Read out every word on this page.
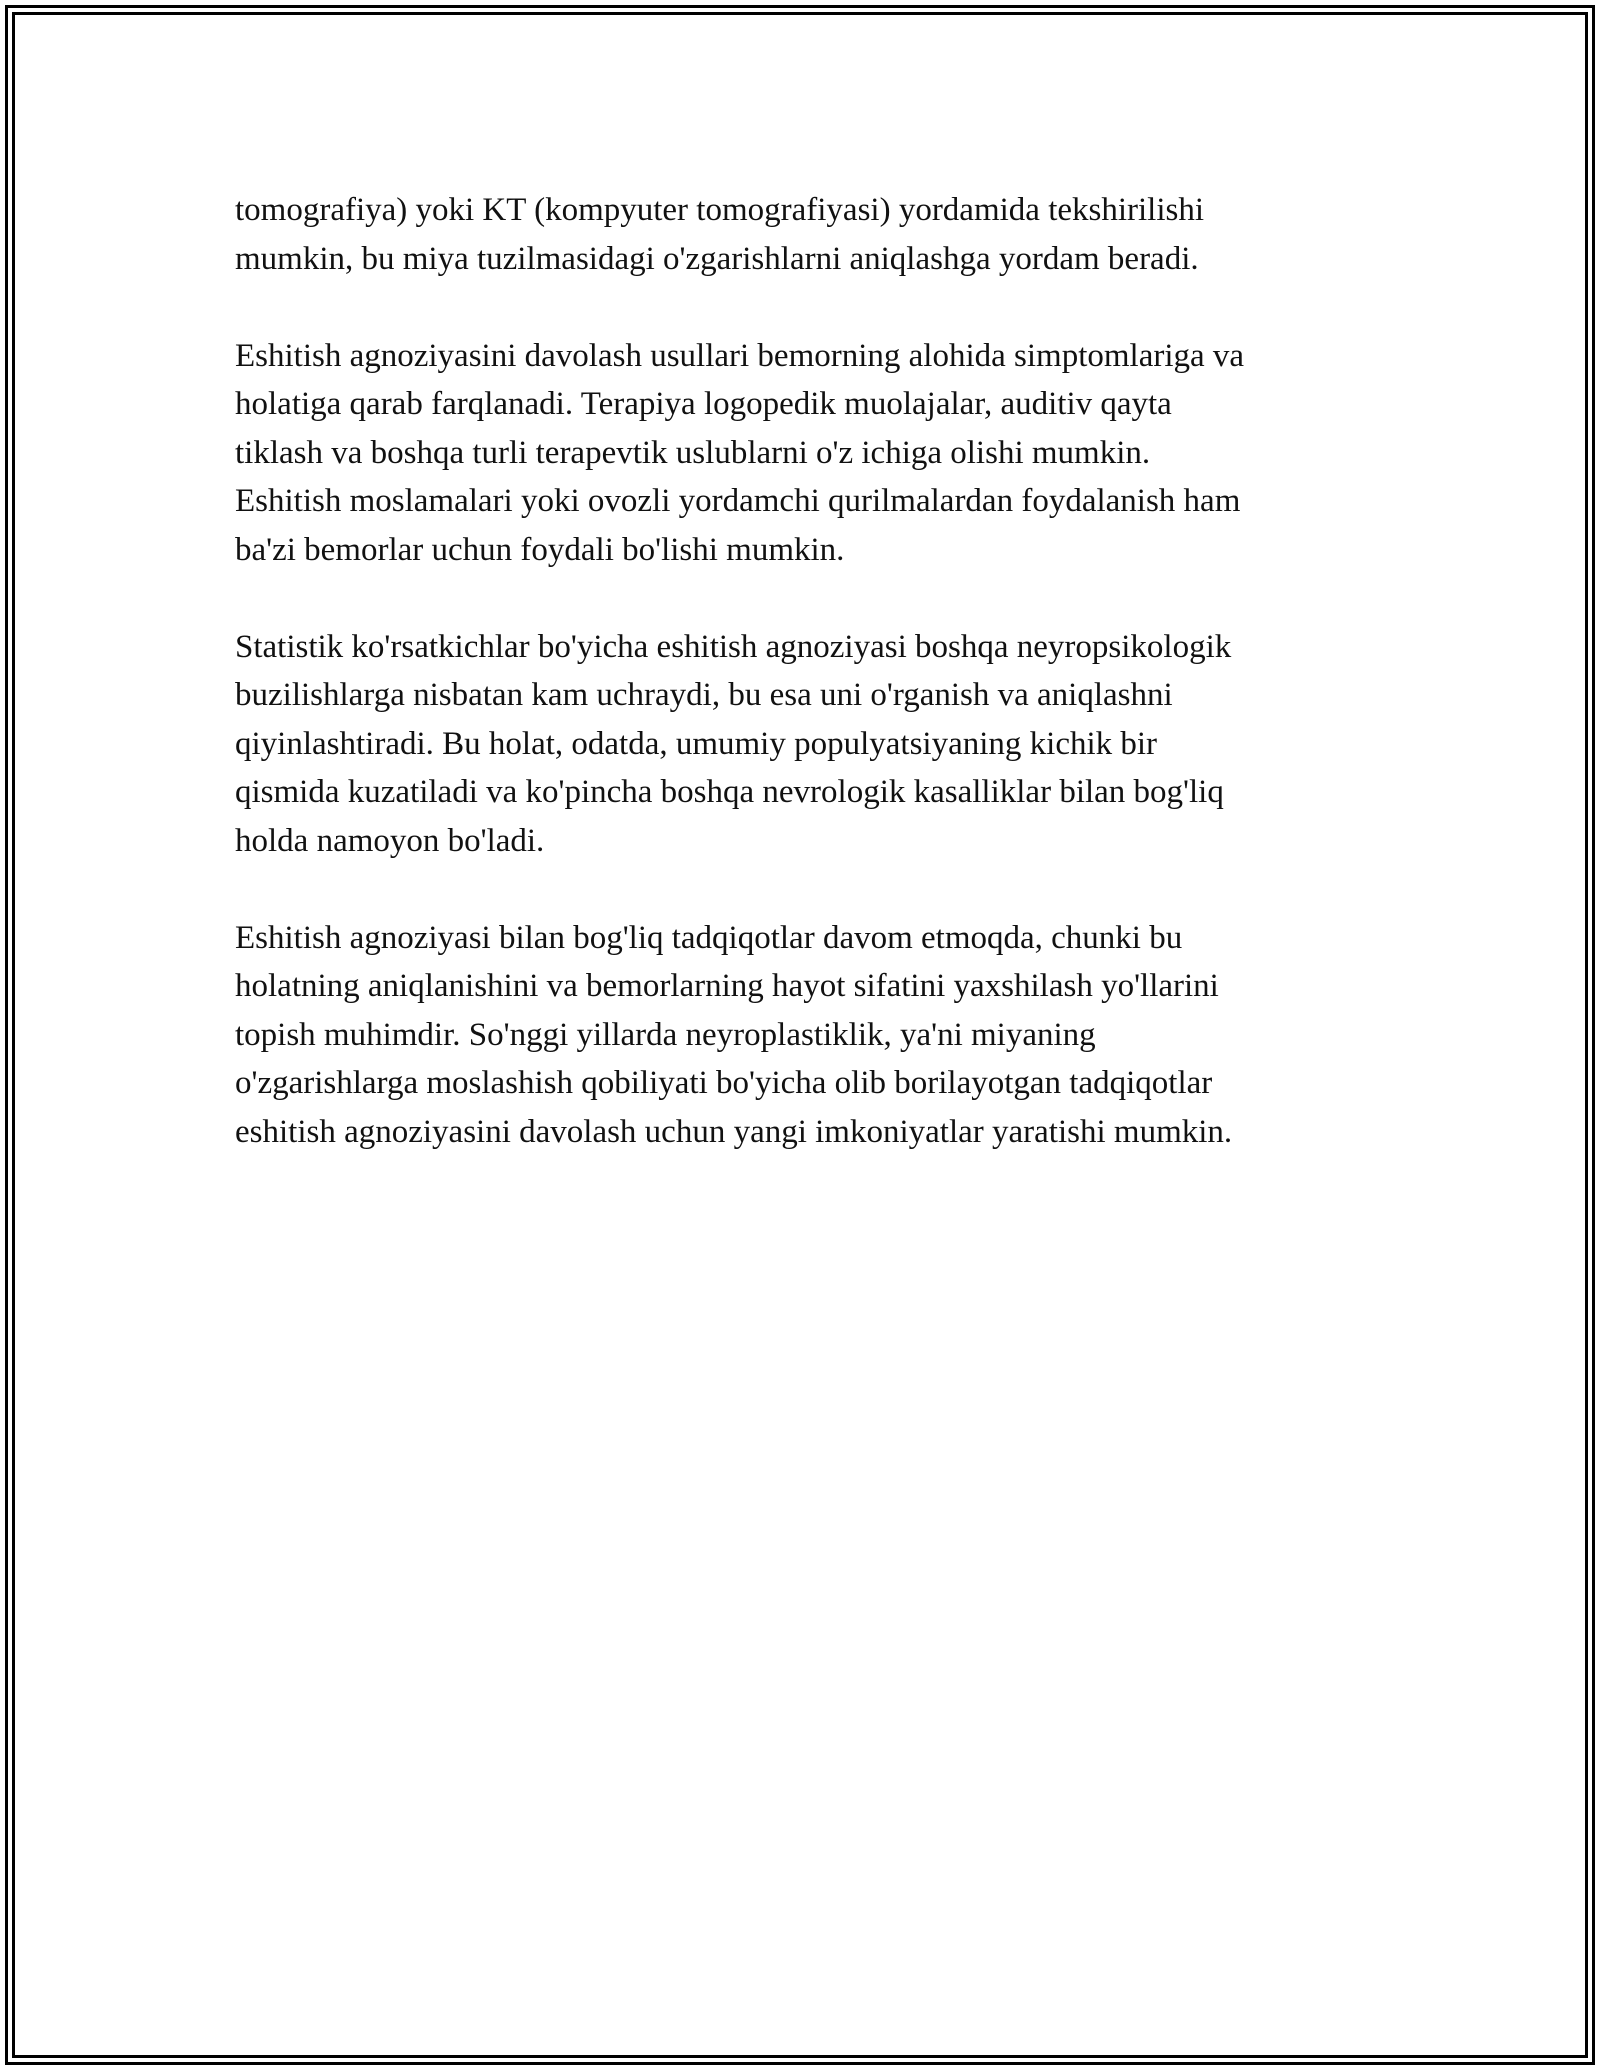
tomografiya) yoki KT (kompyuter tomografiyasi) yordamida tekshirilishi
mumkin, bu miya tuzilmasidagi o'zgarishlarni aniqlashga yordam beradi.

Eshitish agnoziyasini davolash usullari bemorning alohida simptomlariga va
holatiga qarab farqlanadi. Terapiya logopedik muolajalar, auditiv qayta
tiklash va boshqa turli terapevtik uslublarni o'z ichiga olishi mumkin.
Eshitish moslamalari yoki ovozli yordamchi qurilmalardan foydalanish ham
ba'zi bemorlar uchun foydali bo'lishi mumkin.

Statistik ko'rsatkichlar bo'yicha eshitish agnoziyasi boshqa neyropsikologik
buzilishlarga nisbatan kam uchraydi, bu esa uni o'rganish va aniqlashni
qiyinlashtiradi. Bu holat, odatda, umumiy populyatsiyaning kichik bir
qismida kuzatiladi va ko'pincha boshqa nevrologik kasalliklar bilan bog'liq
holda namoyon bo'ladi.

Eshitish agnoziyasi bilan bog'liq tadqiqotlar davom etmoqda, chunki bu
holatning aniqlanishini va bemorlarning hayot sifatini yaxshilash yo'llarini
topish muhimdir. So'nggi yillarda neyroplastiklik, ya'ni miyaning
o'zgarishlarga moslashish qobiliyati bo'yicha olib borilayotgan tadqiqotlar
eshitish agnoziyasini davolash uchun yangi imkoniyatlar yaratishi mumkin.
